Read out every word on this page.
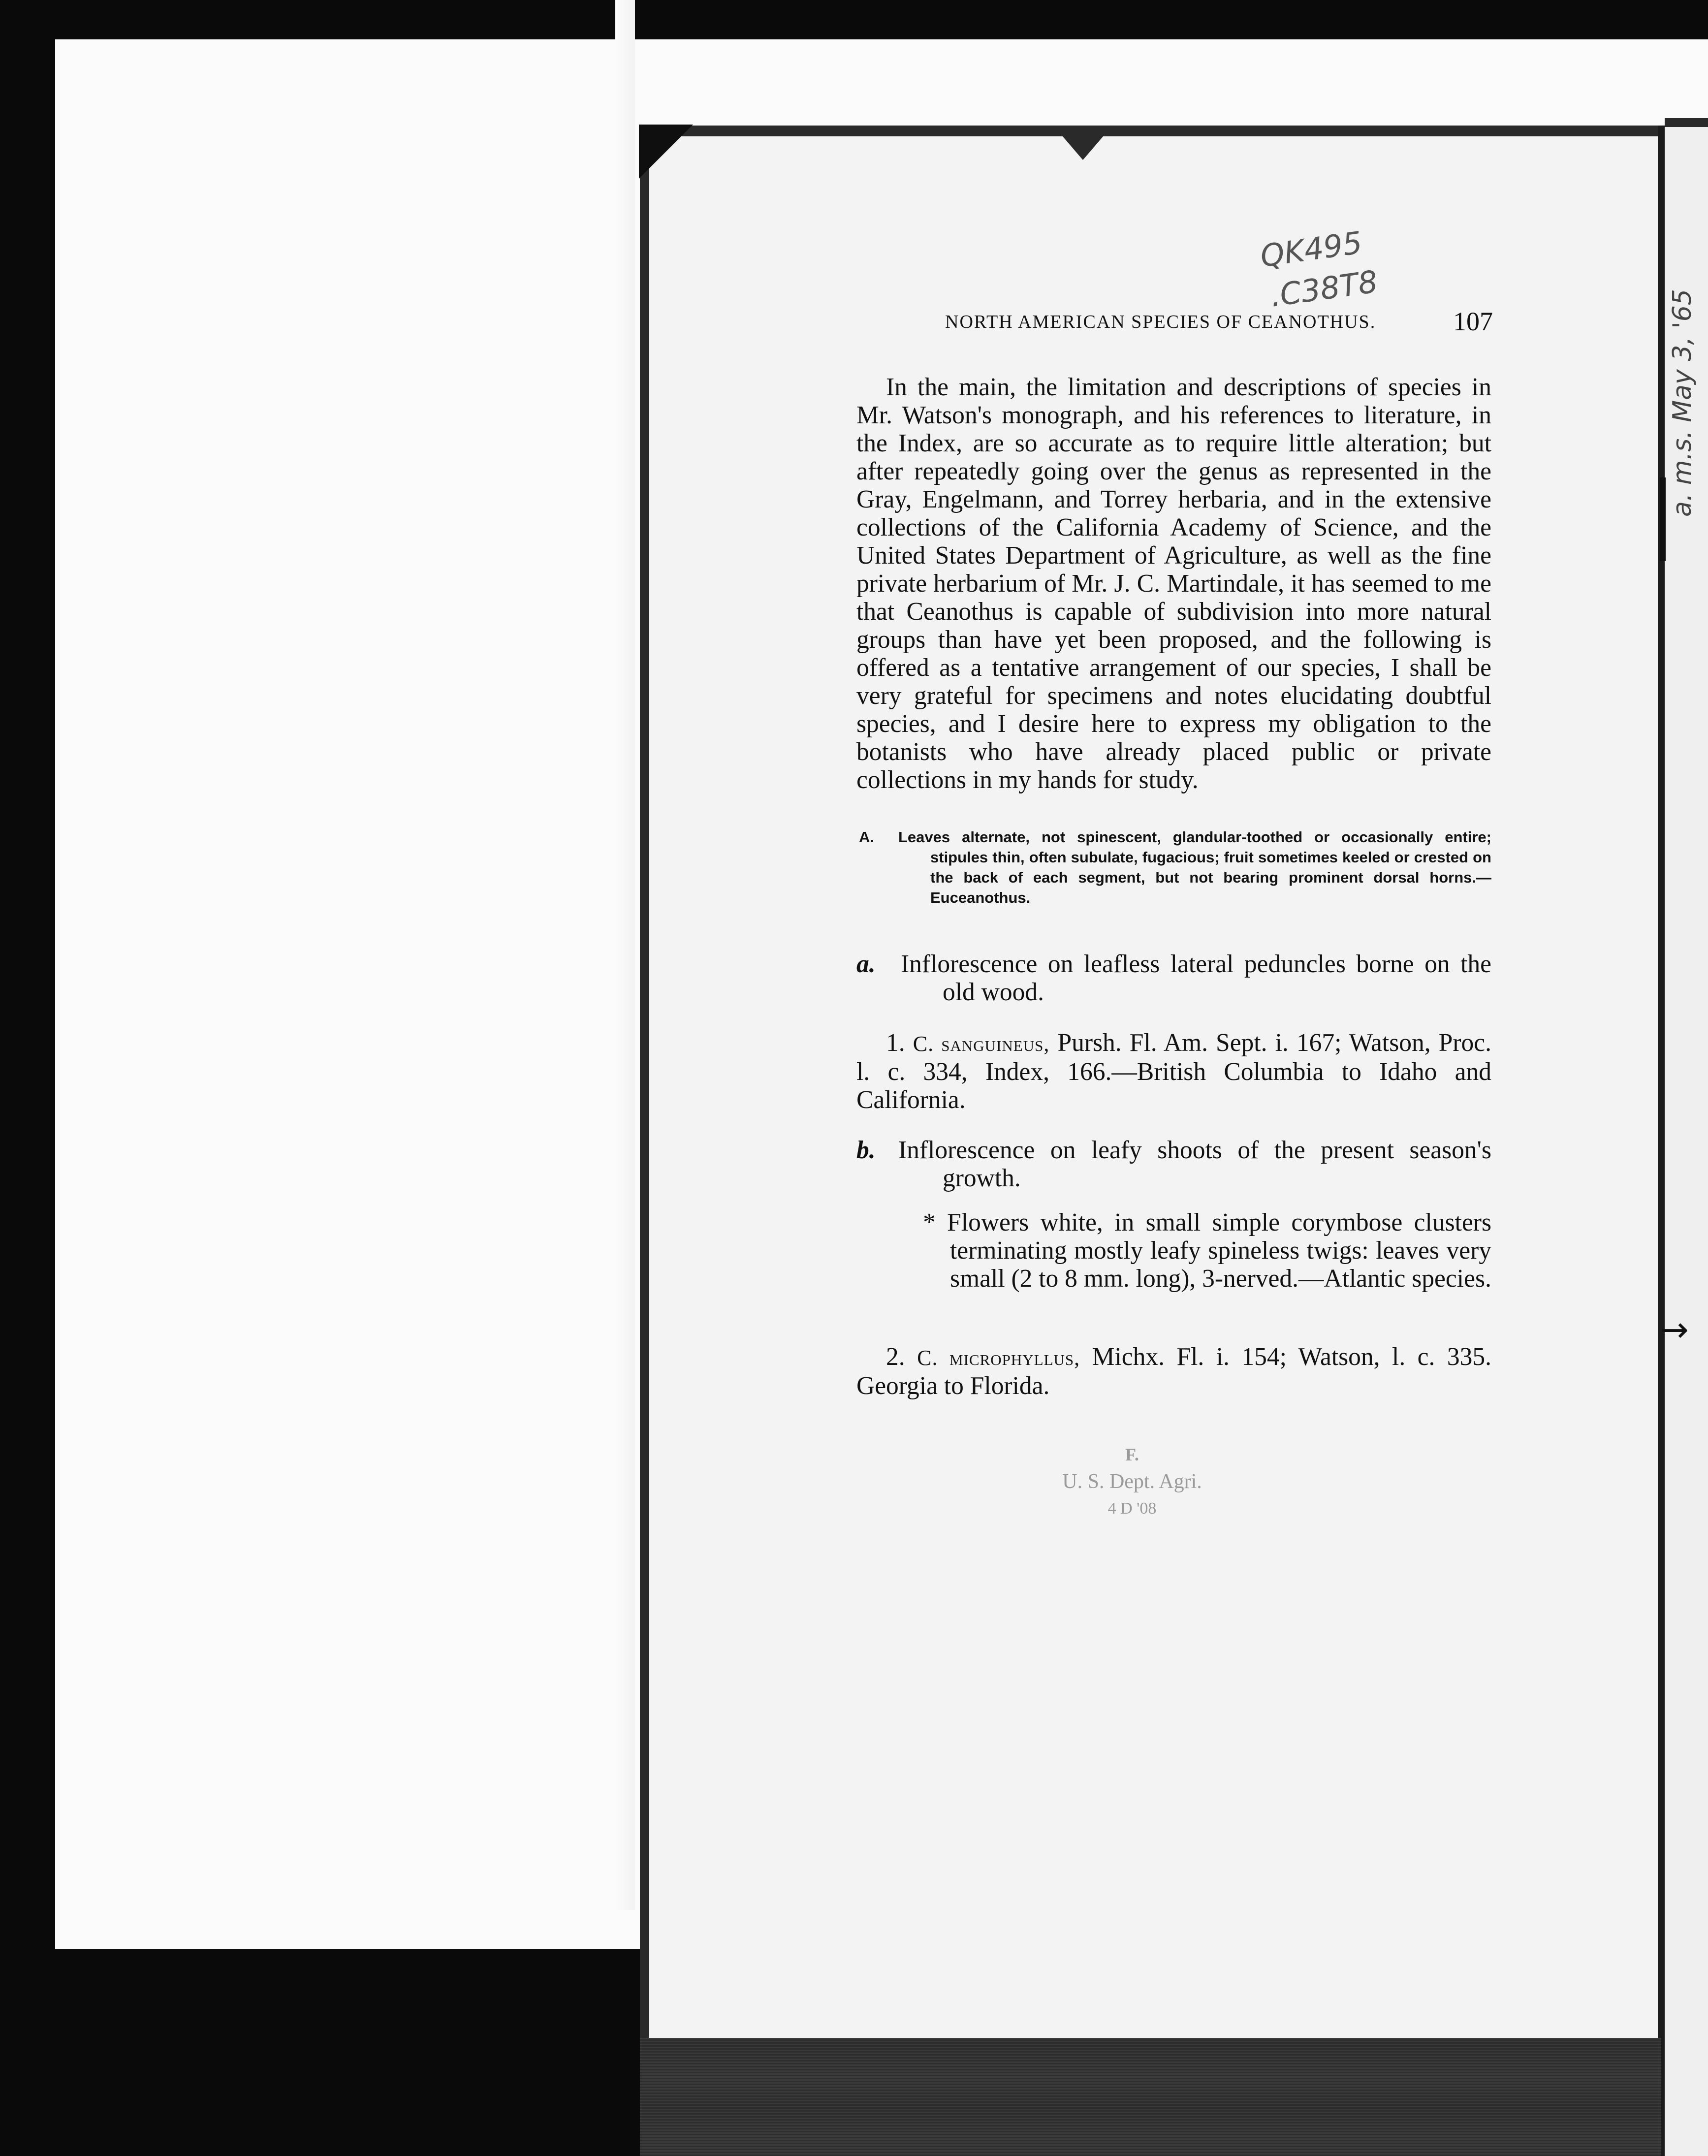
QK495
.C38T8
a. m.s. May 3, '65
→
NORTH AMERICAN SPECIES OF CEANOTHUS.	107
In the main, the limitation and descriptions of species in Mr. Watson's monograph, and his references to literature, in the Index, are so accurate as to require little alteration; but after repeatedly going over the genus as represented in the Gray, Engelmann, and Torrey herbaria, and in the extensive collections of the California Academy of Science, and the United States Department of Agriculture, as well as the fine private herbarium of Mr. J. C. Martindale, it has seemed to me that Ceanothus is capable of subdivision into more natural groups than have yet been proposed, and the following is offered as a tentative arrangement of our species, I shall be very grateful for specimens and notes elucidating doubtful species, and I desire here to express my obligation to the botanists who have already placed public or private collections in my hands for study.
A. Leaves alternate, not spinescent, glandular-toothed or occasionally entire; stipules thin, often subulate, fugacious; fruit sometimes keeled or crested on the back of each segment, but not bearing prominent dorsal horns.—Euceanothus.
a. Inflorescence on leafless lateral peduncles borne on the old wood.
1. C. sanguineus, Pursh. Fl. Am. Sept. i. 167; Watson, Proc. l. c. 334, Index, 166.—British Columbia to Idaho and California.
b. Inflorescence on leafy shoots of the present season's growth.
* Flowers white, in small simple corymbose clusters terminating mostly leafy spineless twigs: leaves very small (2 to 8 mm. long), 3-nerved.—Atlantic species.
2. C. microphyllus, Michx. Fl. i. 154; Watson, l. c. 335. Georgia to Florida.
F.
U. S. Dept. Agri.
4 D '08
